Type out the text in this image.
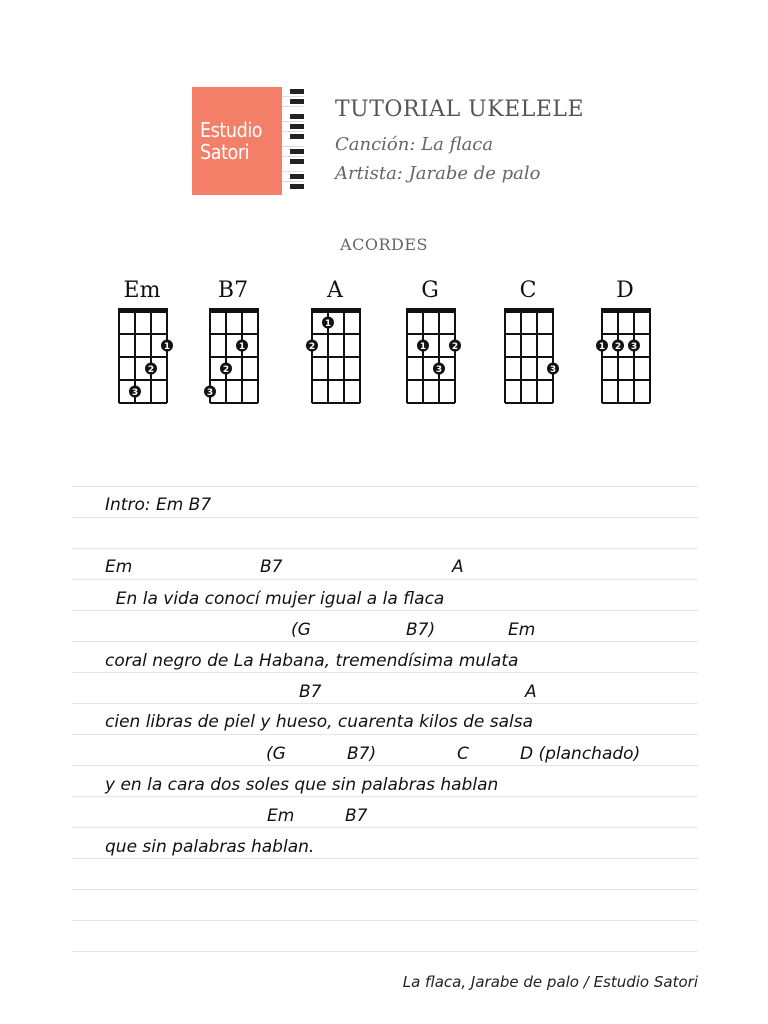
Estudio
Satori
TUTORIAL UKELELE
Canción: La flaca
Artista: Jarabe de palo
ACORDES
Em
1
2
3
B7
1
2
3
A
1
2
G
1	2
3
C
3
D
1 2 3
Intro: Em B7
Em	B7	A
En la vida conocí mujer igual a la flaca
(G	B7)	Em
coral negro de La Habana, tremendísima mulata
B7	A
cien libras de piel y hueso, cuarenta kilos de salsa
(G	B7)	C	D (planchado)
y en la cara dos soles que sin palabras hablan
Em	B7
que sin palabras hablan.
La flaca, Jarabe de palo / Estudio Satori
